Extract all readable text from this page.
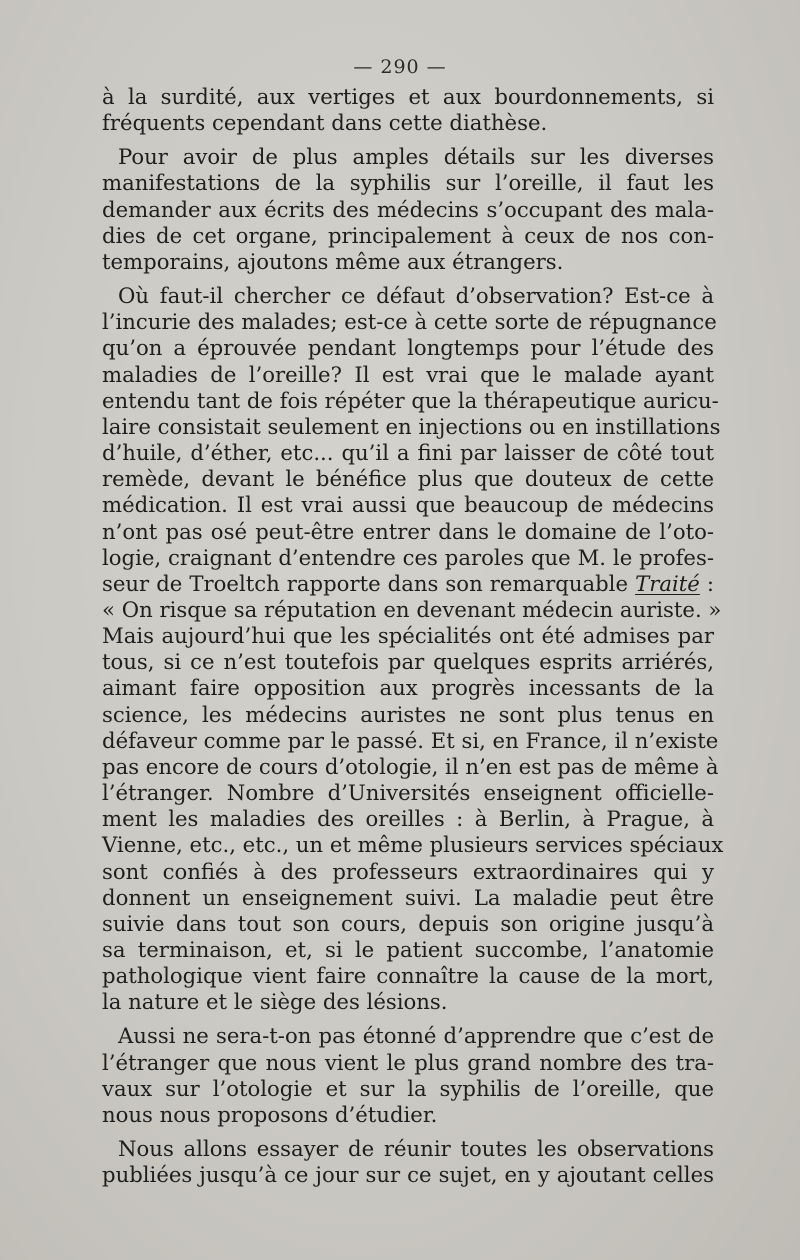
— 290 —

à la surdité, aux vertiges et aux bourdonnements, si
fréquents cependant dans cette diathèse.

Pour avoir de plus amples détails sur les diverses
manifestations de la syphilis sur l’oreille, il faut les
demander aux écrits des médecins s’occupant des mala-
dies de cet organe, principalement à ceux de nos con-
temporains, ajoutons même aux étrangers.

Où faut-il chercher ce défaut d’observation? Est-ce à
l’incurie des malades; est-ce à cette sorte de répugnance
qu’on a éprouvée pendant longtemps pour l’étude des
maladies de l’oreille? Il est vrai que le malade ayant
entendu tant de fois répéter que la thérapeutique auricu-
laire consistait seulement en injections ou en instillations
d’huile, d’éther, etc... qu’il a fini par laisser de côté tout
remède, devant le bénéfice plus que douteux de cette
médication. Il est vrai aussi que beaucoup de médecins
n’ont pas osé peut-être entrer dans le domaine de l’oto-
logie, craignant d’entendre ces paroles que M. le profes-
seur de Troeltch rapporte dans son remarquable Traité :
« On risque sa réputation en devenant médecin auriste. »
Mais aujourd’hui que les spécialités ont été admises par
tous, si ce n’est toutefois par quelques esprits arriérés,
aimant faire opposition aux progrès incessants de la
science, les médecins auristes ne sont plus tenus en
défaveur comme par le passé. Et si, en France, il n’existe
pas encore de cours d’otologie, il n’en est pas de même à
l’étranger. Nombre d’Universités enseignent officielle-
ment les maladies des oreilles : à Berlin, à Prague, à
Vienne, etc., etc., un et même plusieurs services spéciaux
sont confiés à des professeurs extraordinaires qui y
donnent un enseignement suivi. La maladie peut être
suivie dans tout son cours, depuis son origine jusqu’à
sa terminaison, et, si le patient succombe, l’anatomie
pathologique vient faire connaître la cause de la mort,
la nature et le siège des lésions.

Aussi ne sera-t-on pas étonné d’apprendre que c’est de
l’étranger que nous vient le plus grand nombre des tra-
vaux sur l’otologie et sur la syphilis de l’oreille, que
nous nous proposons d’étudier.

Nous allons essayer de réunir toutes les observations
publiées jusqu’à ce jour sur ce sujet, en y ajoutant celles
